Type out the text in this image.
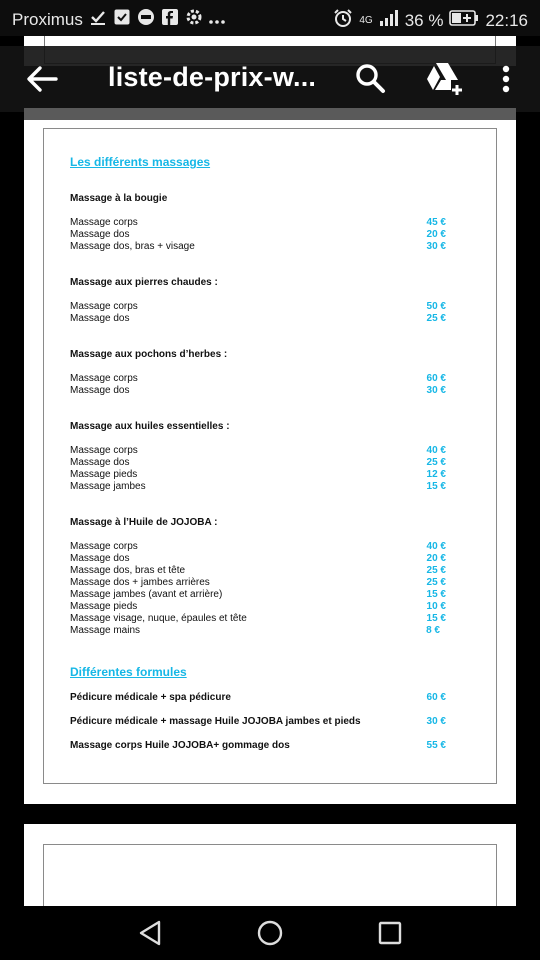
Proximus	4G 36 % 22:16
liste-de-prix-w...
Les différents massages
Massage à la bougie
Massage corps	45 €
Massage dos	20 €
Massage dos, bras + visage	30 €
Massage aux pierres chaudes :
Massage corps	50 €
Massage dos	25 €
Massage aux pochons d’herbes :
Massage corps	60 €
Massage dos	30 €
Massage aux huiles essentielles :
Massage corps	40 €
Massage dos	25 €
Massage pieds	12 €
Massage jambes	15 €
Massage à l’Huile de JOJOBA :
Massage corps	40 €
Massage dos	20 €
Massage dos, bras et tête	25 €
Massage dos + jambes arrières	25 €
Massage jambes (avant et arrière)	15 €
Massage pieds	10 €
Massage visage, nuque, épaules et tête	15 €
Massage mains	8 €
Différentes formules
Pédicure médicale + spa pédicure	60 €
Pédicure médicale + massage Huile JOJOBA jambes et pieds	30 €
Massage corps Huile JOJOBA+ gommage dos	55 €
